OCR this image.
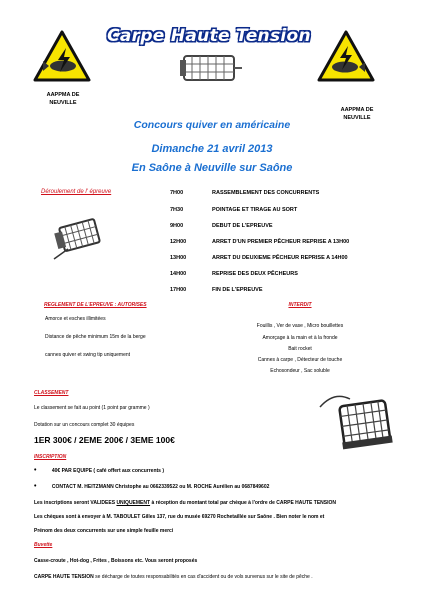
Carpe Haute Tension
AAPPMA DE
NEUVILLE
AAPPMA DE
NEUVILLE
Concours quiver en américaine
Dimanche 21 avril 2013
En Saône à Neuville sur Saône
Déroulement de l' épreuve	7H00	RASSEMBLEMENT DES CONCURRENTS
7H30	POINTAGE ET TIRAGE AU SORT
9H00	DEBUT DE L'EPREUVE
12H00	ARRET D'UN PREMIER PÊCHEUR REPRISE A 13H00
13H00	ARRET DU DEUXIEME PÊCHEUR REPRISE A 14H00
14H00	REPRISE DES DEUX PÊCHEURS
17H00	FIN DE L'EPREUVE
REGLEMENT DE L'EPREUVE : AUTORISES
Amorce et esches illimitées
Distance de pêche minimum 15m de la berge
cannes quiver et swing tip uniquement
INTERDIT
Fouillis , Ver de vase , Micro bouillettes
Amorçage à la main et à la fronde
Bait rocket
Cannes à carpe , Détecteur de touche
Echosondeur , Sac soluble
CLASSEMENT
Le classement se fait au point (1 point par gramme )
Dotation sur un concours complet 30 équipes
1ER 300€ / 2EME 200€ / 3EME 100€
INSCRIPTION
•	40€ PAR EQUIPE ( café offert aux concurrents )
•	CONTACT M. HEITZMANN Christophe au 0662339522 ou M. ROCHE Aurélien au 0687849602
Les inscriptions seront VALIDEES UNIQUEMENT à réception du montant total par chèque à l'ordre de CARPE HAUTE TENSION
Les chèques sont à envoyer à M. TABOULET Gilles 137, rue du musée 69270 Rochetaillée sur Saône . Bien noter le nom et
Prénom des deux concurrents sur une simple feuille merci
Buvette
Casse-croute , Hot-dog , Frites , Boissons etc. Vous seront proposés
CARPE HAUTE TENSION se décharge de toutes responsabilités en cas d'accident ou de vols survenus sur le site de pêche .
